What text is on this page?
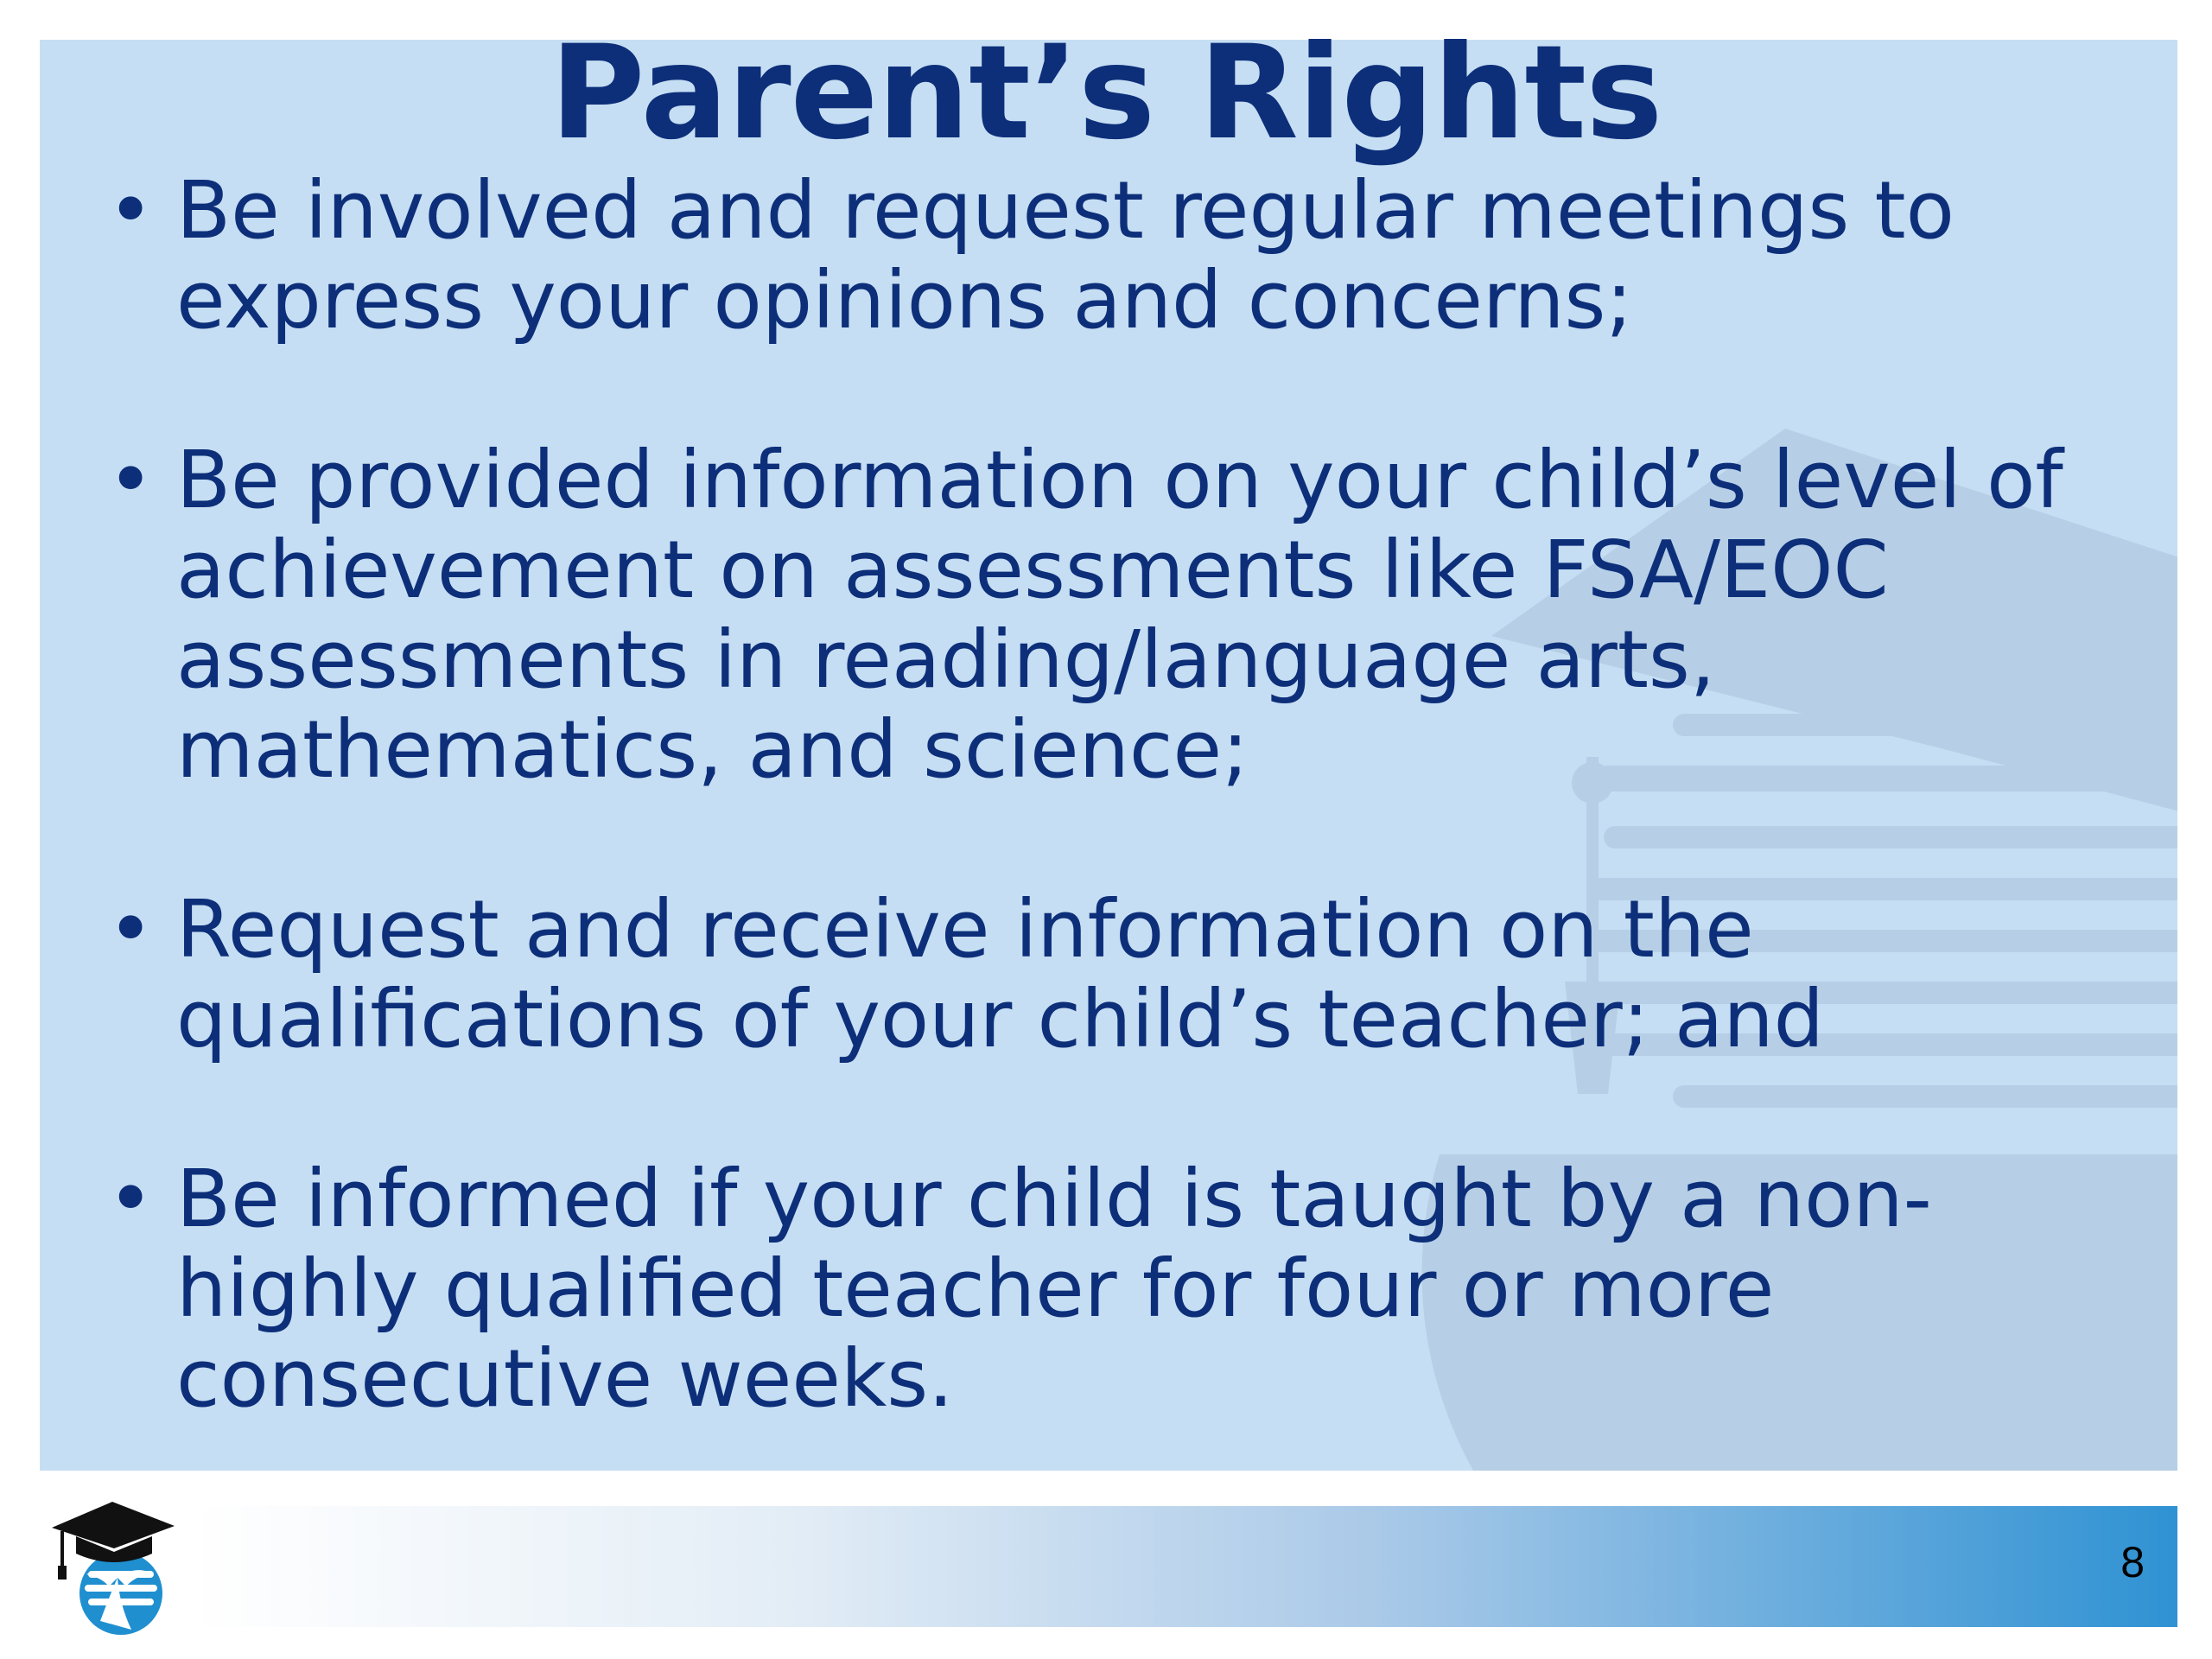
Parent’s Rights
• Be involved and request regular meetings to express your opinions and concerns;
• Be provided information on your child’s level of achievement on assessments like FSA/EOC assessments in reading/language arts, mathematics, and science;
• Request and receive information on the qualifications of your child’s teacher; and
• Be informed if your child is taught by a non-highly qualified teacher for four or more consecutive weeks.
8
